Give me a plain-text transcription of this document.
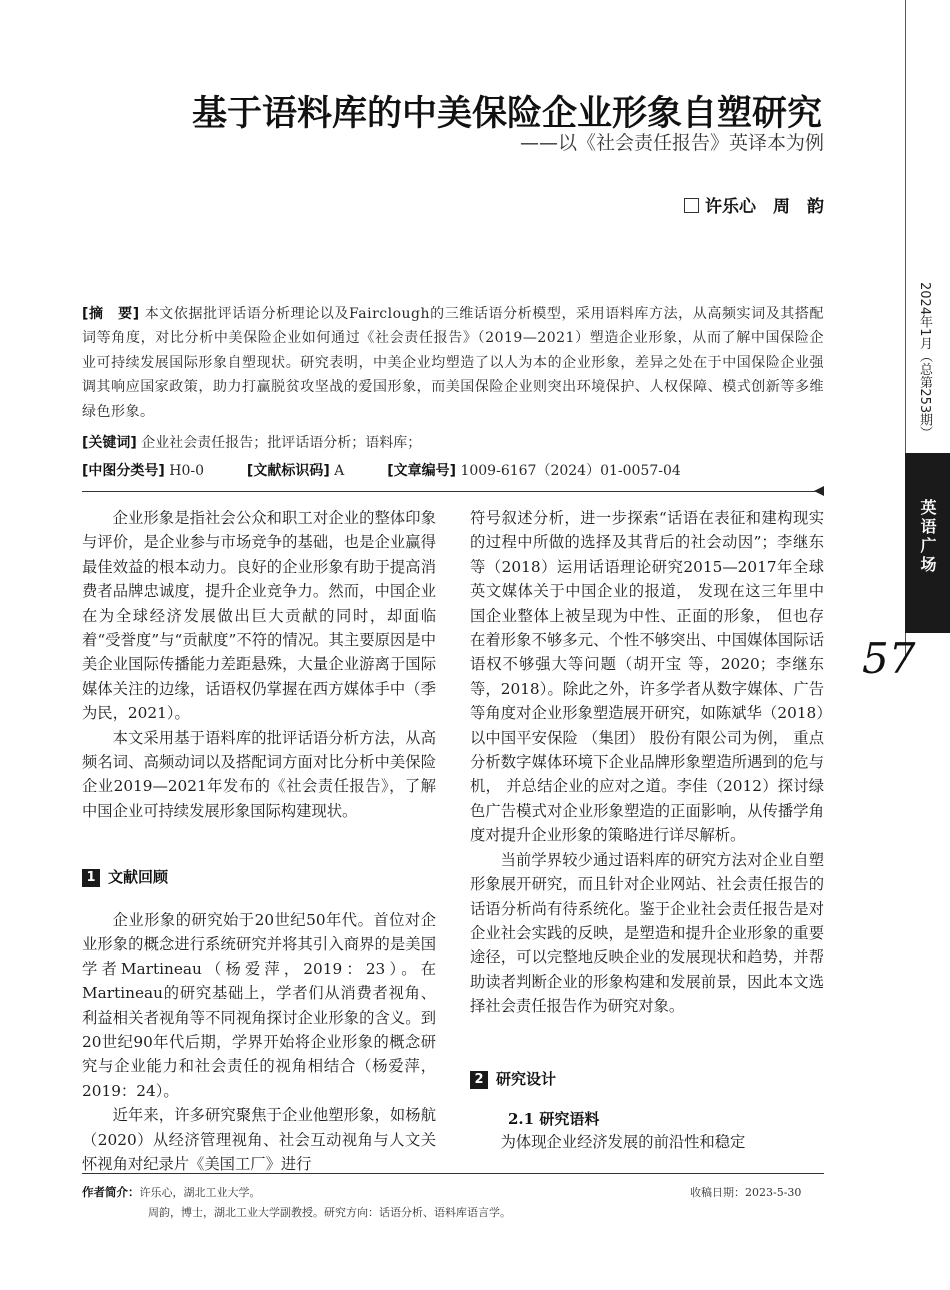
2024年1月（总第253期）
英语广场
57
基于语料库的中美保险企业形象自塑研究
——以《社会责任报告》英译本为例
许乐心　周　韵
[摘　要] 本文依据批评话语分析理论以及Fairclough的三维话语分析模型，采用语料库方法，从高频实词及其搭配词等角度，对比分析中美保险企业如何通过《社会责任报告》（2019—2021）塑造企业形象，从而了解中国保险企业可持续发展国际形象自塑现状。研究表明，中美企业均塑造了以人为本的企业形象，差异之处在于中国保险企业强调其响应国家政策，助力打赢脱贫攻坚战的爱国形象，而美国保险企业则突出环境保护、人权保障、模式创新等多维绿色形象。
[关键词] 企业社会责任报告；批评话语分析；语料库；
[中图分类号] H0-0	[文献标识码] A	[文章编号] 1009-6167（2024）01-0057-04

企业形象是指社会公众和职工对企业的整体印象与评价，是企业参与市场竞争的基础，也是企业赢得最佳效益的根本动力。良好的企业形象有助于提高消费者品牌忠诚度，提升企业竞争力。然而，中国企业在为全球经济发展做出巨大贡献的同时，却面临着“受誉度”与“贡献度”不符的情况。其主要原因是中美企业国际传播能力差距悬殊，大量企业游离于国际媒体关注的边缘，话语权仍掌握在西方媒体手中（季为民，2021）。

本文采用基于语料库的批评话语分析方法，从高频名词、高频动词以及搭配词方面对比分析中美保险企业2019—2021年发布的《社会责任报告》，了解中国企业可持续发展形象国际构建现状。

1 文献回顾

企业形象的研究始于20世纪50年代。首位对企业形象的概念进行系统研究并将其引入商界的是美国学者Martineau（杨爱萍，2019：23）。在Martineau的研究基础上，学者们从消费者视角、利益相关者视角等不同视角探讨企业形象的含义。到20世纪90年代后期，学界开始将企业形象的概念研究与企业能力和社会责任的视角相结合（杨爱萍，2019：24）。

近年来，许多研究聚焦于企业他塑形象，如杨航（2020）从经济管理视角、社会互动视角与人文关怀视角对纪录片《美国工厂》进行

符号叙述分析，进一步探索“话语在表征和建构现实的过程中所做的选择及其背后的社会动因”；李继东等（2018）运用话语理论研究2015—2017年全球英文媒体关于中国企业的报道， 发现在这三年里中国企业整体上被呈现为中性、正面的形象， 但也存在着形象不够多元、个性不够突出、中国媒体国际话语权不够强大等问题（胡开宝 等，2020；李继东 等，2018）。除此之外，许多学者从数字媒体、广告等角度对企业形象塑造展开研究，如陈斌华（2018）以中国平安保险 （集团） 股份有限公司为例， 重点分析数字媒体环境下企业品牌形象塑造所遇到的危与机， 并总结企业的应对之道。李佳（2012）探讨绿色广告模式对企业形象塑造的正面影响，从传播学角度对提升企业形象的策略进行详尽解析。

当前学界较少通过语料库的研究方法对企业自塑形象展开研究，而且针对企业网站、社会责任报告的话语分析尚有待系统化。鉴于企业社会责任报告是对企业社会实践的反映，是塑造和提升企业形象的重要途径，可以完整地反映企业的发展现状和趋势，并帮助读者判断企业的形象构建和发展前景，因此本文选择社会责任报告作为研究对象。

2 研究设计
2.1 研究语料

为体现企业经济发展的前沿性和稳定

作者简介：许乐心，湖北工业大学。
周韵，博士，湖北工业大学副教授。研究方向：话语分析、语料库语言学。
收稿日期：2023-5-30
